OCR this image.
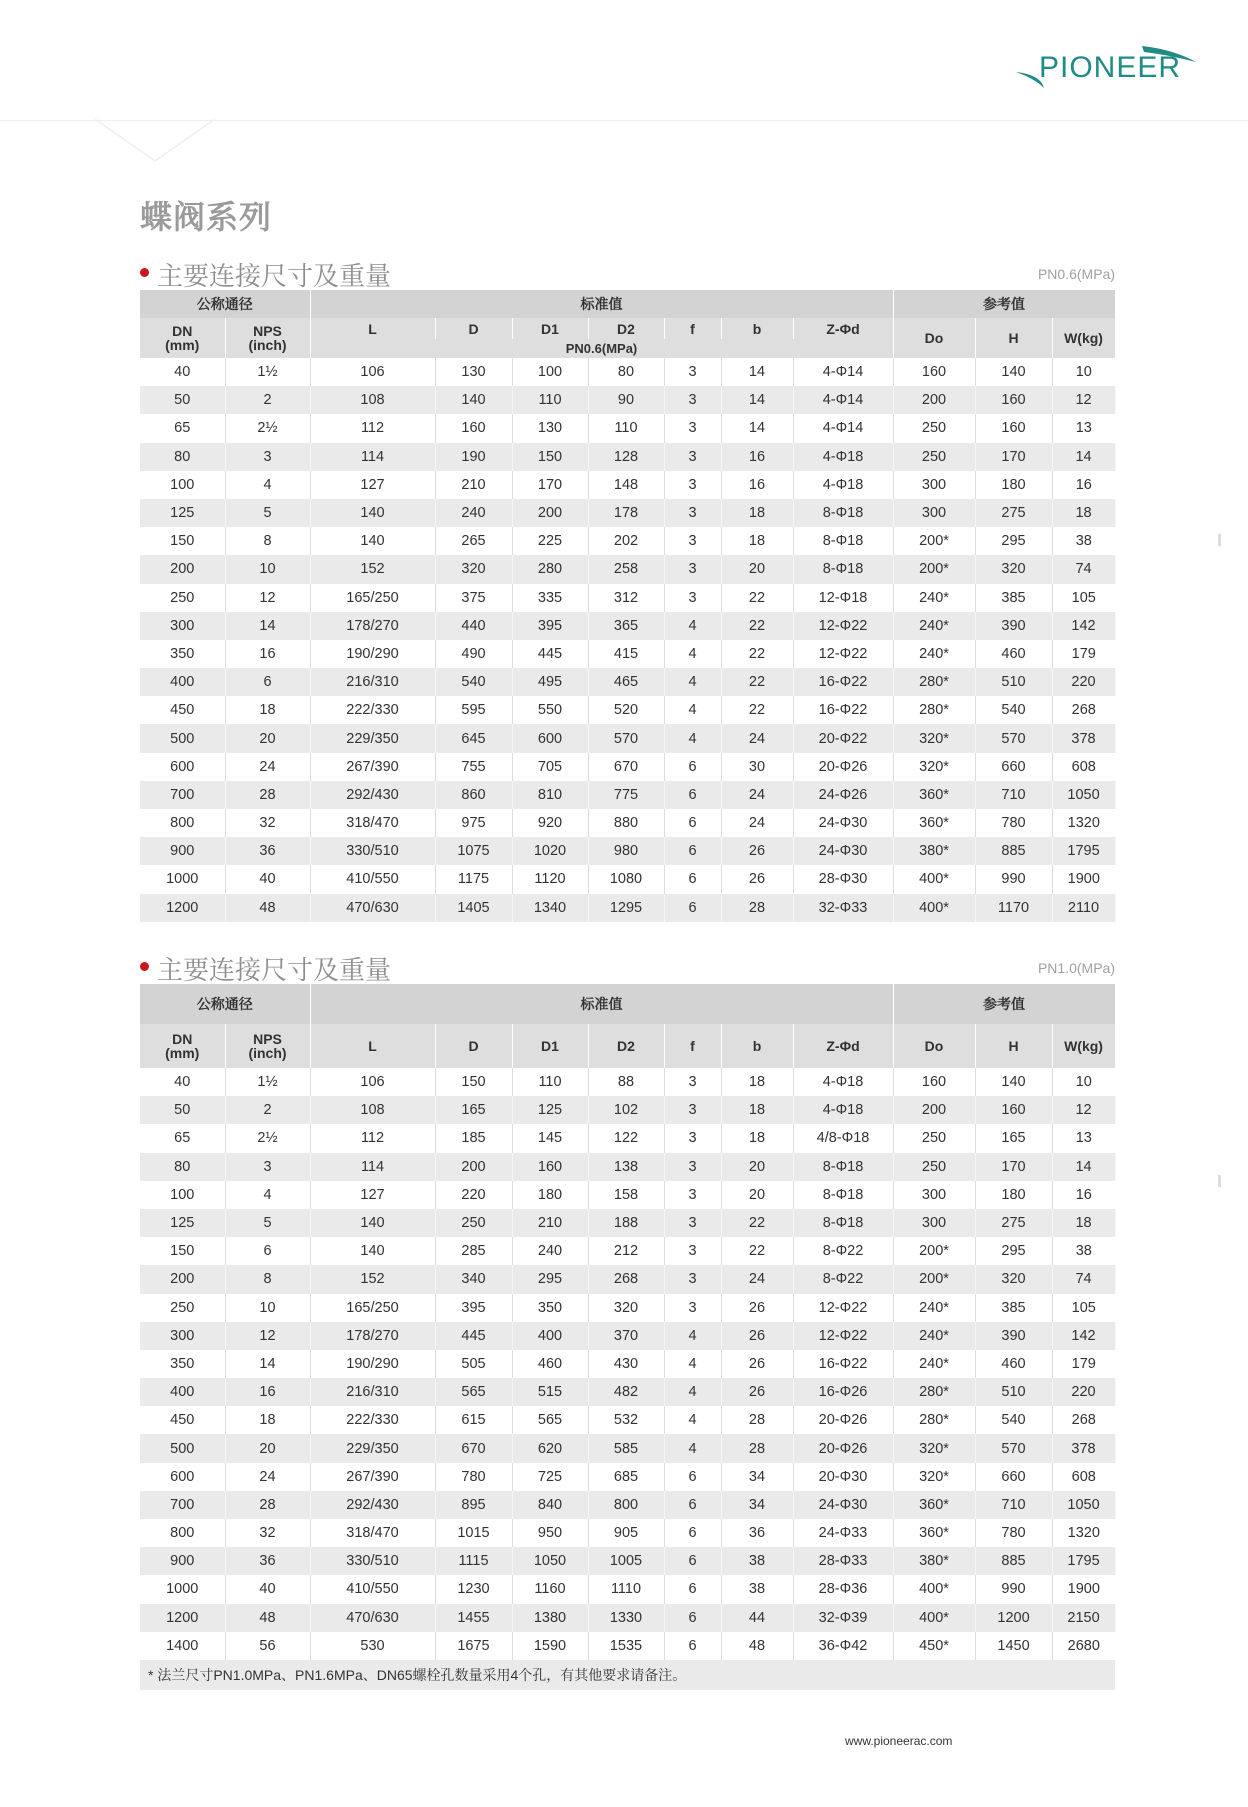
PIONEER
蝶阀系列
主要连接尺寸及重量	PN0.6(MPa)
公称通径		标准值							参考值		
DN
(mm)	NPS
(inch)	L	D	D1	D2	f	b	Z-Φd	Do	H	W(kg)
		PN0.6(MPa)									
40	1½	106	130	100	80	3	14	4-Φ14	160	140	10
50	2	108	140	110	90	3	14	4-Φ14	200	160	12
65	2½	112	160	130	110	3	14	4-Φ14	250	160	13
80	3	114	190	150	128	3	16	4-Φ18	250	170	14
100	4	127	210	170	148	3	16	4-Φ18	300	180	16
125	5	140	240	200	178	3	18	8-Φ18	300	275	18
150	8	140	265	225	202	3	18	8-Φ18	200*	295	38
200	10	152	320	280	258	3	20	8-Φ18	200*	320	74
250	12	165/250	375	335	312	3	22	12-Φ18	240*	385	105
300	14	178/270	440	395	365	4	22	12-Φ22	240*	390	142
350	16	190/290	490	445	415	4	22	12-Φ22	240*	460	179
400	6	216/310	540	495	465	4	22	16-Φ22	280*	510	220
450	18	222/330	595	550	520	4	22	16-Φ22	280*	540	268
500	20	229/350	645	600	570	4	24	20-Φ22	320*	570	378
600	24	267/390	755	705	670	6	30	20-Φ26	320*	660	608
700	28	292/430	860	810	775	6	24	24-Φ26	360*	710	1050
800	32	318/470	975	920	880	6	24	24-Φ30	360*	780	1320
900	36	330/510	1075	1020	980	6	26	24-Φ30	380*	885	1795
1000	40	410/550	1175	1120	1080	6	26	28-Φ30	400*	990	1900
1200	48	470/630	1405	1340	1295	6	28	32-Φ33	400*	1170	2110
主要连接尺寸及重量	PN1.0(MPa)
公称通径		标准值							参考值		
DN
(mm)	NPS
(inch)	L	D	D1	D2	f	b	Z-Φd	Do	H	W(kg)
40	1½	106	150	110	88	3	18	4-Φ18	160	140	10
50	2	108	165	125	102	3	18	4-Φ18	200	160	12
65	2½	112	185	145	122	3	18	4/8-Φ18	250	165	13
80	3	114	200	160	138	3	20	8-Φ18	250	170	14
100	4	127	220	180	158	3	20	8-Φ18	300	180	16
125	5	140	250	210	188	3	22	8-Φ18	300	275	18
150	6	140	285	240	212	3	22	8-Φ22	200*	295	38
200	8	152	340	295	268	3	24	8-Φ22	200*	320	74
250	10	165/250	395	350	320	3	26	12-Φ22	240*	385	105
300	12	178/270	445	400	370	4	26	12-Φ22	240*	390	142
350	14	190/290	505	460	430	4	26	16-Φ22	240*	460	179
400	16	216/310	565	515	482	4	26	16-Φ26	280*	510	220
450	18	222/330	615	565	532	4	28	20-Φ26	280*	540	268
500	20	229/350	670	620	585	4	28	20-Φ26	320*	570	378
600	24	267/390	780	725	685	6	34	20-Φ30	320*	660	608
700	28	292/430	895	840	800	6	34	24-Φ30	360*	710	1050
800	32	318/470	1015	950	905	6	36	24-Φ33	360*	780	1320
900	36	330/510	1115	1050	1005	6	38	28-Φ33	380*	885	1795
1000	40	410/550	1230	1160	1110	6	38	28-Φ36	400*	990	1900
1200	48	470/630	1455	1380	1330	6	44	32-Φ39	400*	1200	2150
1400	56	530	1675	1590	1535	6	48	36-Φ42	450*	1450	2680
* 法兰尺寸PN1.0MPa、PN1.6MPa、DN65螺栓孔数量采用4个孔，有其他要求请备注。
www.pioneerac.com
